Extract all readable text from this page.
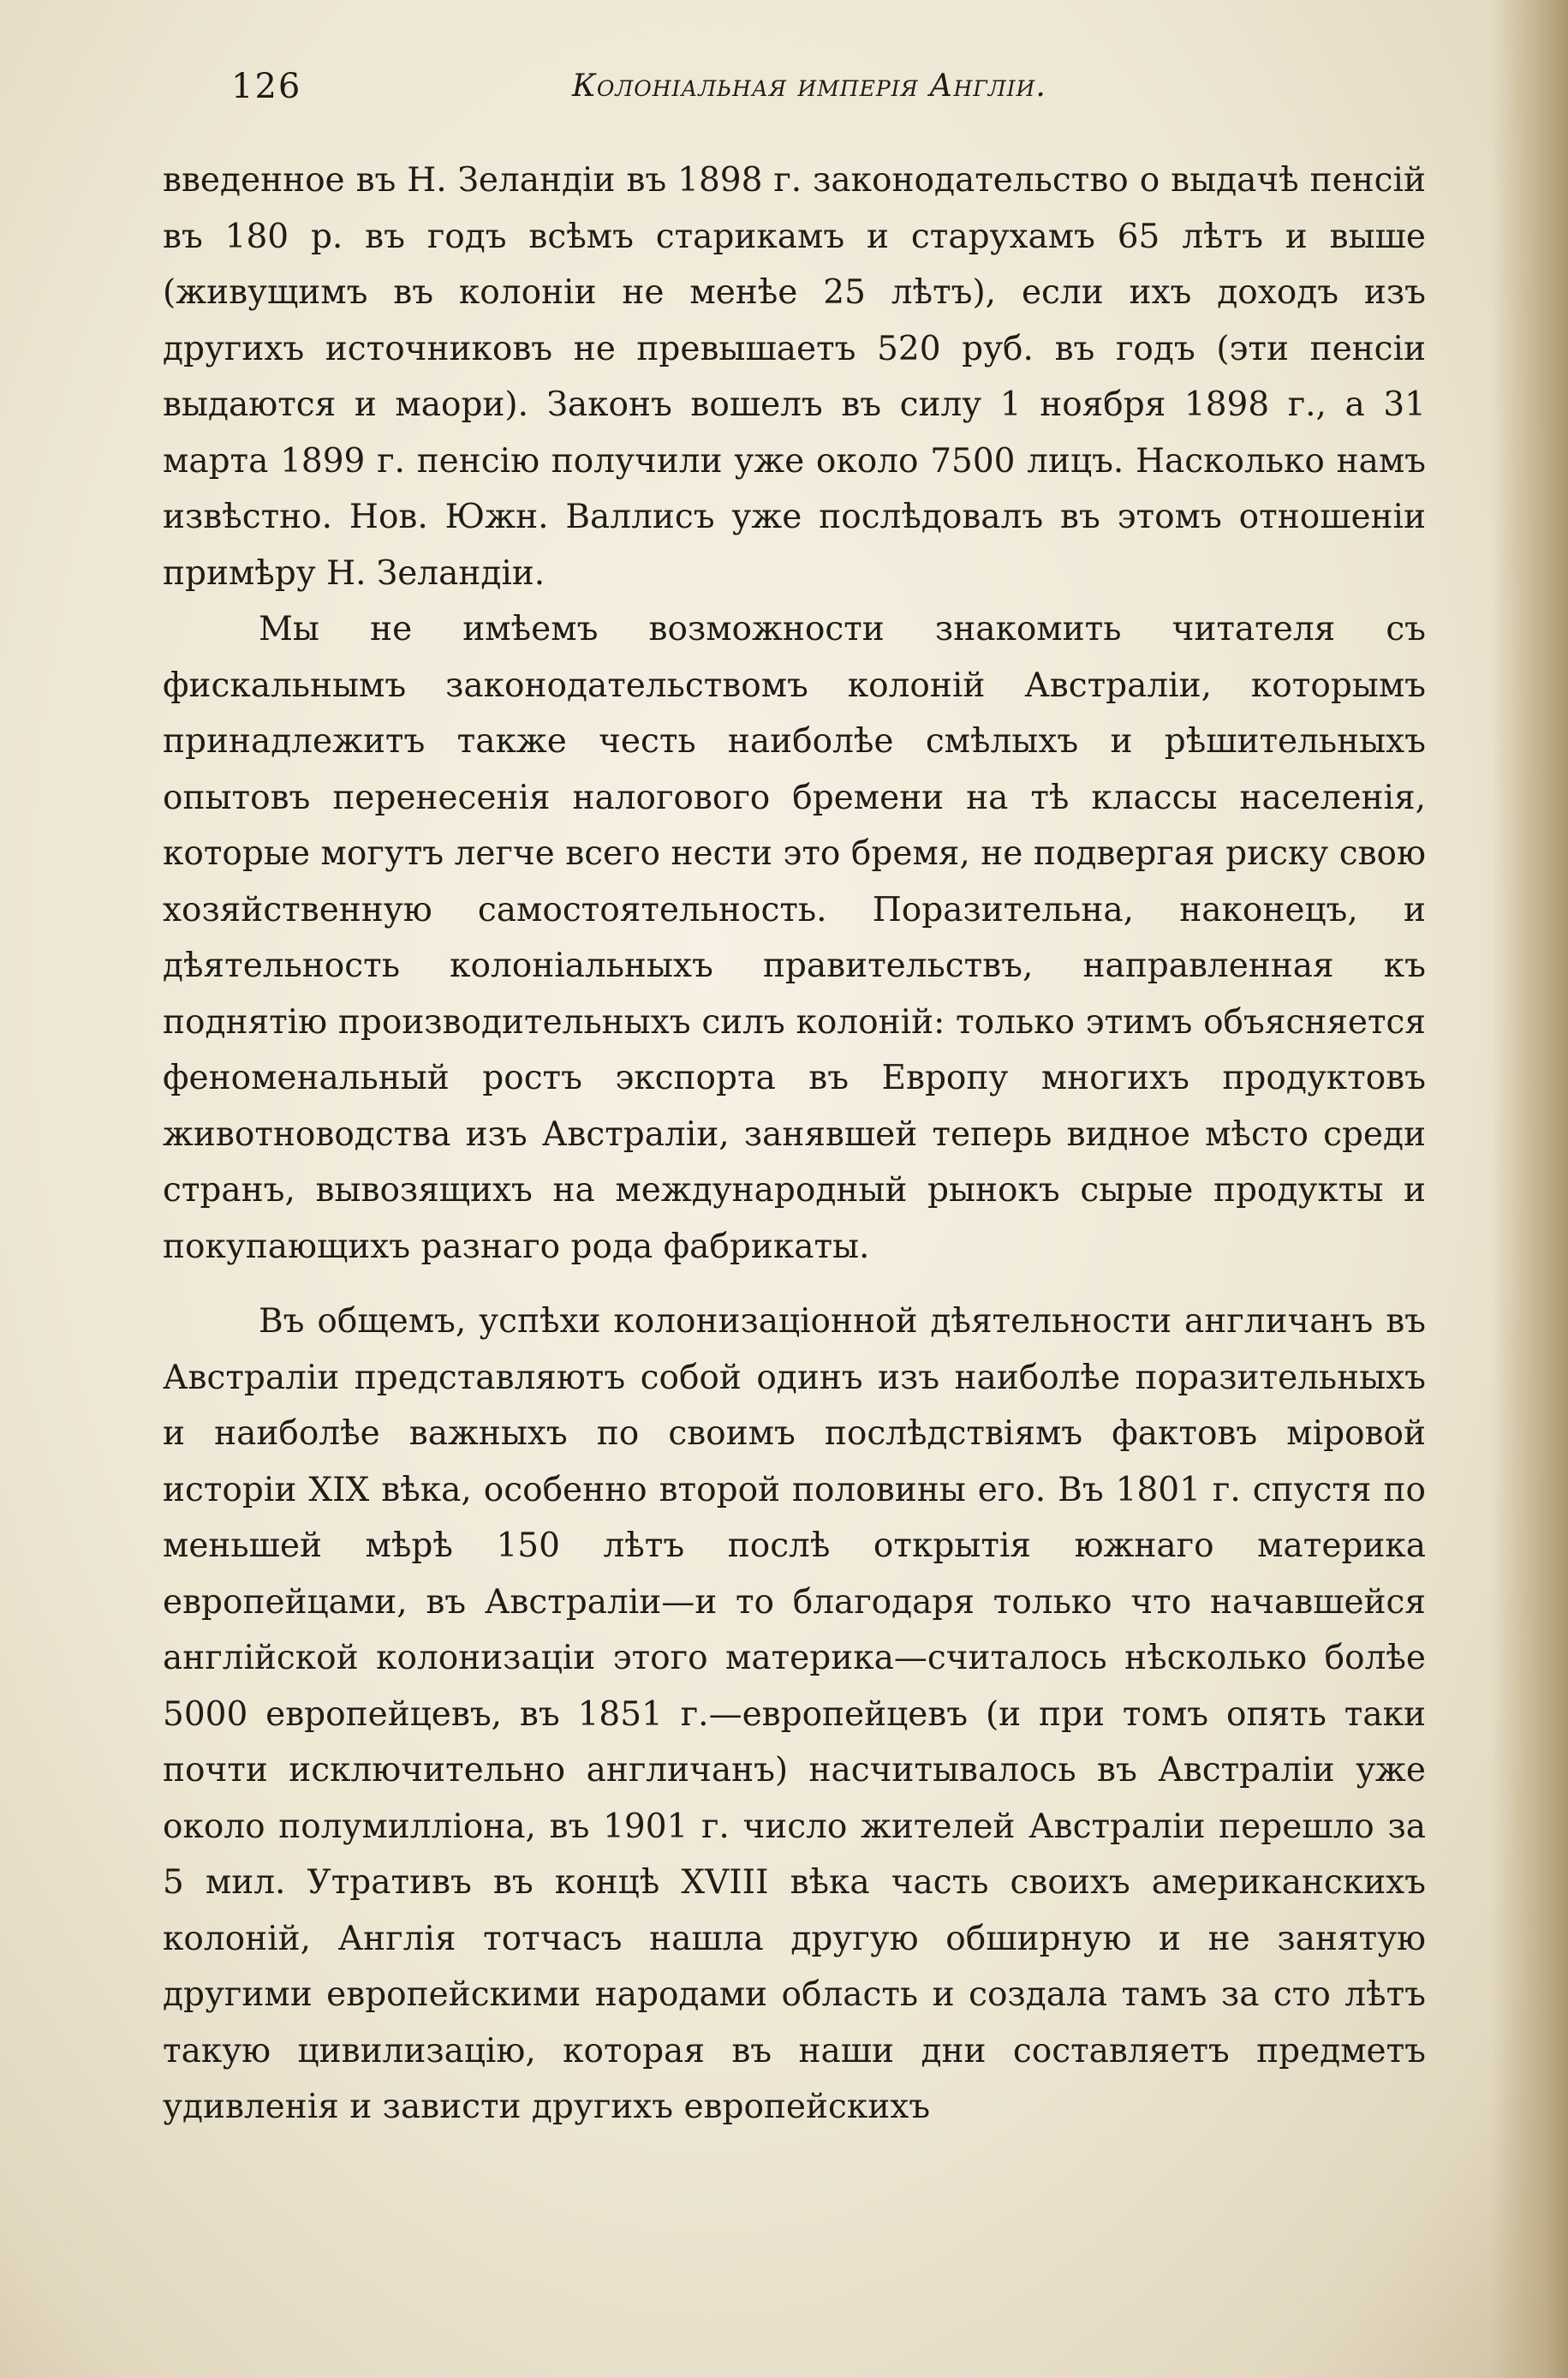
126	Колоніальная имперія Англіи.

введенное въ Н. Зеландіи въ 1898 г. законодательство о выдачѣ пенсій въ 180 р. въ годъ всѣмъ старикамъ и старухамъ 65 лѣтъ и выше (живущимъ въ колоніи не менѣе 25 лѣтъ), если ихъ доходъ изъ другихъ источниковъ не превышаетъ 520 руб. въ годъ (эти пенсіи выдаются и маори). Законъ вошелъ въ силу 1 ноября 1898 г., а 31 марта 1899 г. пенсію получили уже около 7500 лицъ. Насколько намъ извѣстно. Нов. Южн. Валлисъ уже послѣдовалъ въ этомъ отношеніи примѣру Н. Зеландіи.

Мы не имѣемъ возможности знакомить читателя съ фискальнымъ законодательствомъ колоній Австраліи, которымъ принадлежитъ также честь наиболѣе смѣлыхъ и рѣшительныхъ опытовъ перенесенія налогового бремени на тѣ классы населенія, которые могутъ легче всего нести это бремя, не подвергая риску свою хозяйственную самостоятельность. Поразительна, наконецъ, и дѣятельность колоніальныхъ правительствъ, направленная къ поднятію производительныхъ силъ колоній: только этимъ объясняется феноменальный ростъ экспорта въ Европу многихъ продуктовъ животноводства изъ Австраліи, занявшей теперь видное мѣсто среди странъ, вывозящихъ на международный рынокъ сырые продукты и покупающихъ разнаго рода фабрикаты.

Въ общемъ, успѣхи колонизаціонной дѣятельности англичанъ въ Австраліи представляютъ собой одинъ изъ наиболѣе поразительныхъ и наиболѣе важныхъ по своимъ послѣдствіямъ фактовъ міровой исторіи XIX вѣка, особенно второй половины его. Въ 1801 г. спустя по меньшей мѣрѣ 150 лѣтъ послѣ открытія южнаго материка европейцами, въ Австраліи—и то благодаря только что начавшейся англійской колонизаціи этого материка—считалось нѣсколько болѣе 5000 европейцевъ, въ 1851 г.—европейцевъ (и при томъ опять таки почти исключительно англичанъ) насчитывалось въ Австраліи уже около полумилліона, въ 1901 г. число жителей Австраліи перешло за 5 мил. Утративъ въ концѣ XVIII вѣка часть своихъ американскихъ колоній, Англія тотчасъ нашла другую обширную и не занятую другими европейскими народами область и создала тамъ за сто лѣтъ такую цивилизацію, которая въ наши дни составляетъ предметъ удивленія и зависти другихъ европейскихъ
